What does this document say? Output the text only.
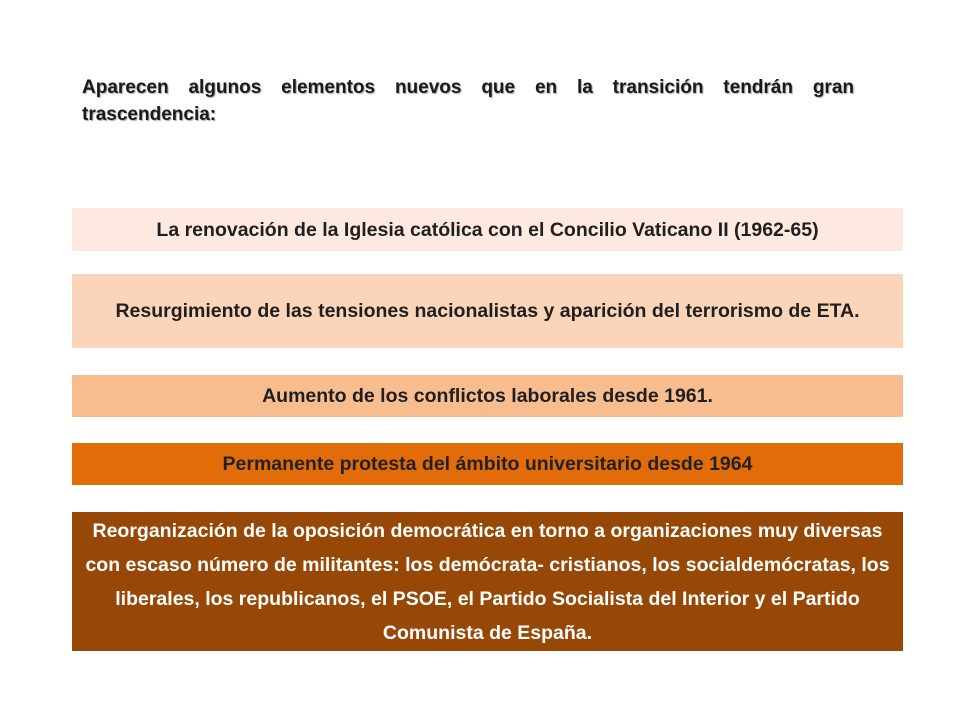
Aparecen algunos elementos nuevos que en la transición tendrán gran trascendencia:

La renovación de la Iglesia católica con el Concilio Vaticano II (1962-65)
Resurgimiento de las tensiones nacionalistas y aparición del terrorismo de ETA.
Aumento de los conflictos laborales desde 1961.
Permanente protesta del ámbito universitario desde 1964
Reorganización de la oposición democrática en torno a organizaciones muy diversas con escaso número de militantes: los demócrata- cristianos, los socialdemócratas, los liberales, los republicanos, el PSOE, el Partido Socialista del Interior y el Partido Comunista de España.
